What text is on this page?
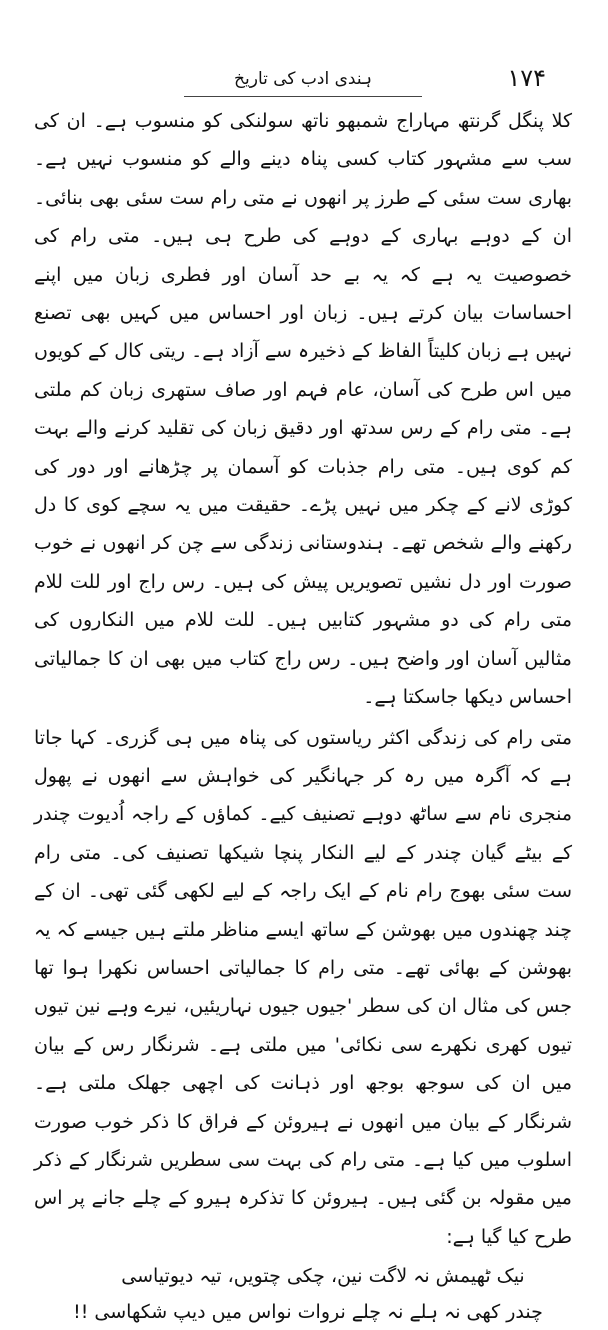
۱۷۴
ہندی ادب کی تاریخ

کلا پنگل گرنتھ مہاراج شمبھو ناتھ سولنکی کو منسوب ہے۔ ان کی سب سے مشہور کتاب کسی پناہ دینے والے کو منسوب نہیں ہے۔ بھاری ست سئی کے طرز پر انھوں نے متی رام ست سئی بھی بنائی۔ ان کے دوہے بہاری کے دوہے کی طرح ہی ہیں۔ متی رام کی خصوصیت یہ ہے کہ یہ بے حد آسان اور فطری زبان میں اپنے احساسات بیان کرتے ہیں۔ زبان اور احساس میں کہیں بھی تصنع نہیں ہے زبان کلیتاً الفاظ کے ذخیرہ سے آزاد ہے۔ ریتی کال کے کویوں میں اس طرح کی آسان، عام فہم اور صاف ستھری زبان کم ملتی ہے۔ متی رام کے رس سدتھ اور دقیق زبان کی تقلید کرنے والے بہت کم کوی ہیں۔ متی رام جذبات کو آسمان پر چڑھانے اور دور کی کوڑی لانے کے چکر میں نہیں پڑے۔ حقیقت میں یہ سچے کوی کا دل رکھنے والے شخص تھے۔ ہندوستانی زندگی سے چن کر انھوں نے خوب صورت اور دل نشیں تصویریں پیش کی ہیں۔ رس راج اور للت للام متی رام کی دو مشہور کتابیں ہیں۔ للت للام میں النکاروں کی مثالیں آسان اور واضح ہیں۔ رس راج کتاب میں بھی ان کا جمالیاتی احساس دیکھا جاسکتا ہے۔

متی رام کی زندگی اکثر ریاستوں کی پناہ میں ہی گزری۔ کہا جاتا ہے کہ آگرہ میں رہ کر جہانگیر کی خواہش سے انھوں نے پھول منجری نام سے ساٹھ دوہے تصنیف کیے۔ کماؤں کے راجہ اُدیوت چندر کے بیٹے گیان چندر کے لیے النکار پنچا شیکھا تصنیف کی۔ متی رام ست سئی بھوج رام نام کے ایک راجہ کے لیے لکھی گئی تھی۔ ان کے چند چھندوں میں بھوشن کے ساتھ ایسے مناظر ملتے ہیں جیسے کہ یہ بھوشن کے بھائی تھے۔ متی رام کا جمالیاتی احساس نکھرا ہوا تھا جس کی مثال ان کی سطر 'جیوں جیوں نہاریئیں، نیرے وہے نین تیوں تیوں کھری نکھرے سی نکائی' میں ملتی ہے۔ شرنگار رس کے بیان میں ان کی سوجھ بوجھ اور ذہانت کی اچھی جھلک ملتی ہے۔ شرنگار کے بیان میں انھوں نے ہیروئن کے فراق کا ذکر خوب صورت اسلوب میں کیا ہے۔ متی رام کی بہت سی سطریں شرنگار کے ذکر میں مقولہ بن گئی ہیں۔ ہیروئن کا تذکرہ ہیرو کے چلے جانے پر اس طرح کیا گیا ہے:

نیک ٹھیمش نہ لاگت نین، چکی چتویں، تیہ دیوتیاسی

چندر کھی نہ ہلے نہ چلے نروات نواس میں دیپ شکھاسی !!
